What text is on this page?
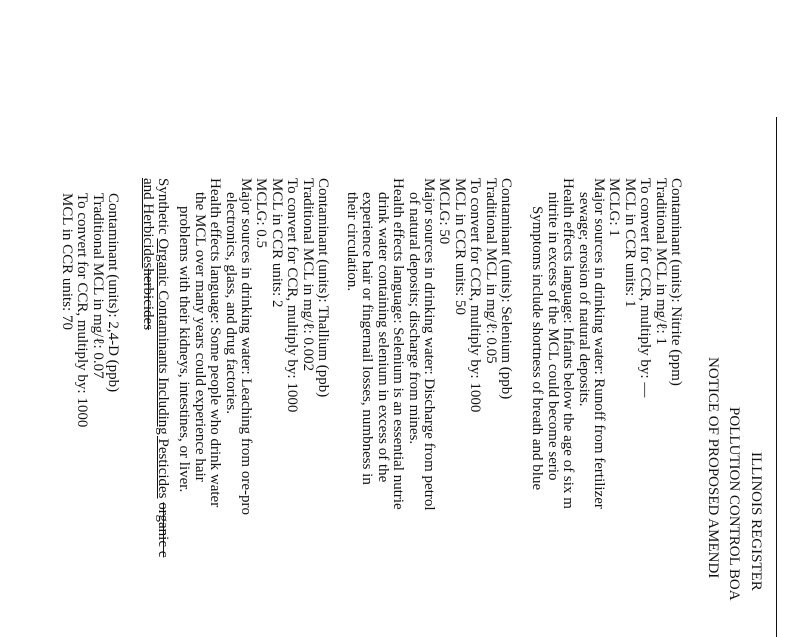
ILLINOIS REGISTER
POLLUTION CONTROL BOA
NOTICE OF PROPOSED AMENDI
Contaminant (units): Nitrite (ppm)
Traditional MCL in mg/ℓ: 1
To convert for CCR, multiply by: —
MCL in CCR units: 1
MCLG: 1
Major sources in drinking water: Runoff from fertilizer
sewage; erosion of natural deposits.
Health effects language: Infants below the age of six m
nitrite in excess of the MCL could become serio
Symptoms include shortness of breath and blue
Contaminant (units): Selenium (ppb)
Traditional MCL in mg/ℓ: 0.05
To convert for CCR, multiply by: 1000
MCL in CCR units: 50
MCLG: 50
Major sources in drinking water: Discharge from petrol
of natural deposits; discharge from mines.
Health effects language: Selenium is an essential nutrie
drink water containing selenium in excess of the
experience hair or fingernail losses, numbness in
their circulation.
Contaminant (units): Thallium (ppb)
Traditional MCL in mg/ℓ: 0.002
To convert for CCR, multiply by: 1000
MCL in CCR units: 2
MCLG: 0.5
Major sources in drinking water: Leaching from ore-pro
electronics, glass, and drug factories.
Health effects language: Some people who drink water
the MCL over many years could experience hair
problems with their kidneys, intestines, or liver.
Synthetic Organic Contaminants Including Pesticides organic c
and Herbicidesherbicides
Contaminant (units): 2,4-D (ppb)
Traditional MCL in mg/ℓ: 0.07
To convert for CCR, multiply by: 1000
MCL in CCR units: 70
